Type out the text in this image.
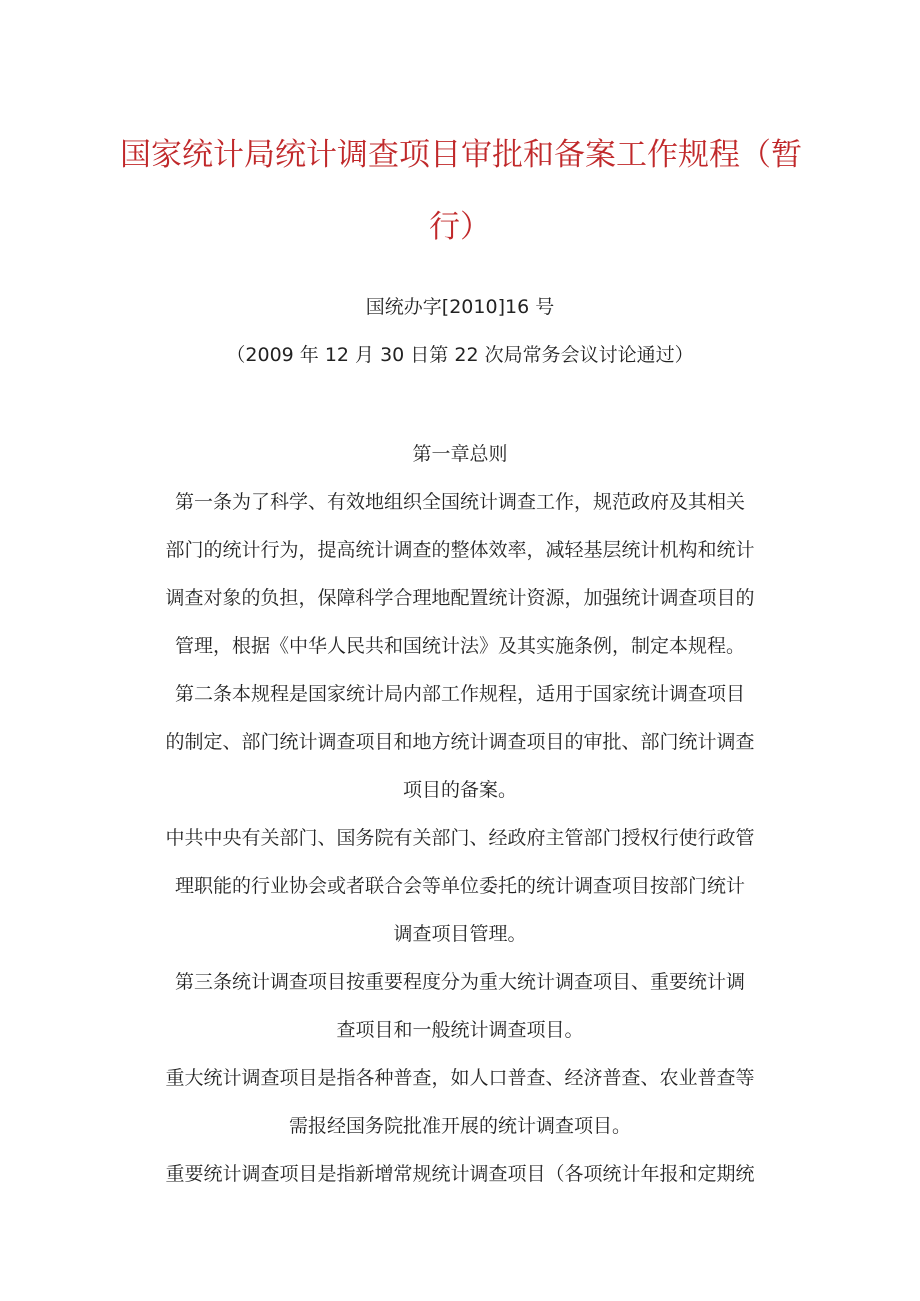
国家统计局统计调查项目审批和备案工作规程（暂
行）
国统办字[2010]16 号
（2009 年 12 月 30 日第 22 次局常务会议讨论通过）
第一章总则
第一条为了科学、有效地组织全国统计调查工作，规范政府及其相关
部门的统计行为，提高统计调查的整体效率，减轻基层统计机构和统计
调查对象的负担，保障科学合理地配置统计资源，加强统计调查项目的
管理，根据《中华人民共和国统计法》及其实施条例，制定本规程。
第二条本规程是国家统计局内部工作规程，适用于国家统计调查项目
的制定、部门统计调查项目和地方统计调查项目的审批、部门统计调查
项目的备案。
中共中央有关部门、国务院有关部门、经政府主管部门授权行使行政管
理职能的行业协会或者联合会等单位委托的统计调查项目按部门统计
调查项目管理。
第三条统计调查项目按重要程度分为重大统计调查项目、重要统计调
查项目和一般统计调查项目。
重大统计调查项目是指各种普查，如人口普查、经济普查、农业普查等
需报经国务院批准开展的统计调查项目。
重要统计调查项目是指新增常规统计调查项目（各项统计年报和定期统
